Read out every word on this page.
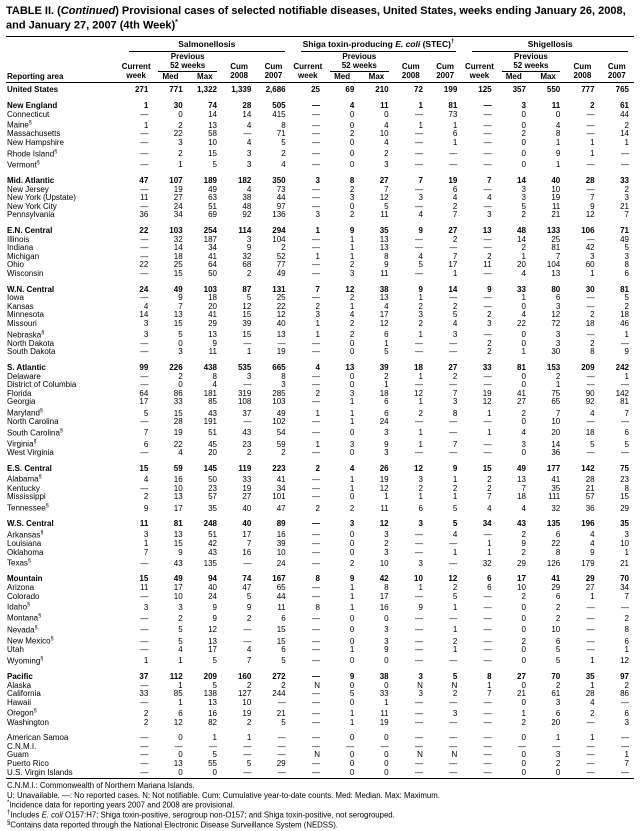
TABLE II. (Continued) Provisional cases of selected notifiable diseases, United States, weeks ending January 26, 2008, and January 27, 2007 (4th Week)*
Reporting area	Salmonellosis					Shiga toxin-producing E. coli (STEC)†					Shigellosis				

Current
week

Previous
52 weeks	Cum
2008

Cum
2007

Current
week

Previous
52 weeks	Cum
2008

Cum
2007

Current
week

Previous
52 weeks	Cum
2008

Cum
2007

		Med	Max				Med	Max				Med	Max		
United States	271	771	1,322	1,339	2,686	25	69	210	72	199	125	357	550	777	765

New England	1	30	74	28	505	—	4	11	1	81	—	3	11	2	61
Connecticut	—	0	14	14	415	—	0	0	—	73	—	0	0	—	44
Maine§	1	2	13	4	8	—	0	4	1	1	—	0	4	—	2
Massachusetts	—	22	58	—	71	—	2	10	—	6	—	2	8	—	14
New Hampshire	—	3	10	4	5	—	0	4	—	1	—	0	1	1	1
Rhode Island§	—	2	15	3	2	—	0	2	—	—	—	0	9	1	—
Vermont§	—	1	5	3	4	—	0	3	—	—	—	0	1	—	—

Mid. Atlantic	47	107	189	182	350	3	8	27	7	19	7	14	40	28	33
New Jersey	—	19	49	4	73	—	2	7	—	6	—	3	10	—	2
New York (Upstate)	11	27	63	38	44	—	3	12	3	4	4	3	19	7	3
New York City	—	24	51	48	97	—	0	5	—	2	—	5	11	9	21
Pennsylvania	36	34	69	92	136	3	2	11	4	7	3	2	21	12	7

E.N. Central	22	103	254	114	294	1	9	35	9	27	13	48	133	106	71
Illinois	—	32	187	3	104	—	1	13	—	2	—	14	25	—	49
Indiana	—	14	34	9	2	—	1	13	—	—	—	2	81	42	5
Michigan	—	18	41	32	52	1	1	8	4	7	2	1	7	3	3
Ohio	22	25	64	68	77	—	2	9	5	17	11	20	104	60	8
Wisconsin	—	15	50	2	49	—	3	11	—	1	—	4	13	1	6

W.N. Central	24	49	103	87	131	7	12	38	9	14	9	33	80	30	81
Iowa	—	9	18	5	25	—	2	13	1	—	—	1	6	—	5
Kansas	4	7	20	12	22	2	1	4	2	2	—	0	3	—	2
Minnesota	14	13	41	15	12	3	4	17	3	5	2	4	12	2	18
Missouri	3	15	29	39	40	1	2	12	2	4	3	22	72	18	46
Nebraska§	3	5	13	15	13	1	2	6	1	3	—	0	3	—	1
North Dakota	—	0	9	—	—	—	0	1	—	—	2	0	3	2	—
South Dakota	—	3	11	1	19	—	0	5	—	—	2	1	30	8	9

S. Atlantic	99	226	438	535	665	4	13	39	18	27	33	81	153	209	242
Delaware	—	2	8	3	8	—	0	2	1	2	—	0	2	—	1
District of Columbia	—	0	4	—	3	—	0	1	—	—	—	0	1	—	—
Florida	64	86	181	319	285	2	3	18	12	7	19	41	75	90	142
Georgia	17	33	85	108	103	—	1	6	1	3	12	27	65	92	81
Maryland§	5	15	43	37	49	1	1	6	2	8	1	2	7	4	7
North Carolina	—	28	191	—	102	—	1	24	—	—	—	0	10	—	—
South Carolina§	7	19	51	43	54	—	0	3	1	—	1	4	20	18	6
Virginia§	6	22	45	23	59	1	3	9	1	7	—	3	14	5	5
West Virginia	—	4	20	2	2	—	0	3	—	—	—	0	36	—	—

E.S. Central	15	59	145	119	223	2	4	26	12	9	15	49	177	142	75
Alabama§	4	16	50	33	41	—	1	19	3	1	2	13	41	28	23
Kentucky	—	10	23	19	34	—	1	12	2	2	2	7	35	21	8
Mississippi	2	13	57	27	101	—	0	1	1	1	7	18	111	57	15
Tennessee§	9	17	35	40	47	2	2	11	6	5	4	4	32	36	29

W.S. Central	11	81	248	40	89	—	3	12	3	5	34	43	135	196	35
Arkansas§	3	13	51	17	16	—	0	3	—	4	—	2	6	4	3
Louisiana	1	15	42	7	39	—	0	2	—	—	1	9	22	4	10
Oklahoma	7	9	43	16	10	—	0	3	—	1	1	2	8	9	1
Texas§	—	43	135	—	24	—	2	10	3	—	32	29	126	179	21

Mountain	15	49	94	74	167	8	9	42	10	12	6	17	41	29	70
Arizona	11	17	40	47	65	—	1	8	1	2	6	10	29	27	34
Colorado	—	10	24	5	44	—	1	17	—	5	—	2	6	1	7
Idaho§	3	3	9	9	11	8	1	16	9	1	—	0	2	—	—
Montana§	—	2	9	2	6	—	0	0	—	—	—	0	2	—	2
Nevada§	—	5	12	—	15	—	0	3	—	1	—	0	10	—	8
New Mexico§	—	5	13	—	15	—	0	3	—	2	—	2	6	—	6
Utah	—	4	17	4	6	—	1	9	—	1	—	0	5	—	1
Wyoming§	1	1	5	7	5	—	0	0	—	—	—	0	5	1	12

Pacific	37	112	209	160	272	—	9	38	3	5	8	27	70	35	97
Alaska	—	1	5	2	2	N	0	0	N	N	1	0	2	1	2
California	33	85	138	127	244	—	5	33	3	2	7	21	61	28	86
Hawaii	—	1	13	10	—	—	0	1	—	—	—	0	3	4	—
Oregon§	2	6	16	19	21	—	1	11	—	3	—	1	6	2	6
Washington	2	12	82	2	5	—	1	19	—	—	—	2	20	—	3

American Samoa	—	0	1	1	—	—	0	0	—	—	—	0	1	1	—
C.N.M.I.	—	—	—	—	—	—	—	—	—	—	—	—	—	—	—
Guam	—	0	5	—	—	N	0	0	N	N	—	0	3	—	1
Puerto Rico	—	13	55	5	29	—	0	0	—	—	—	0	2	—	7
U.S. Virgin Islands	—	0	0	—	—	—	0	0	—	—	—	0	0	—	—
C.N.M.I.: Commonwealth of Northern Mariana Islands.
U: Unavailable. —: No reported cases. N: Not notifiable. Cum: Cumulative year-to-date counts. Med: Median. Max: Maximum.
*Incidence data for reporting years 2007 and 2008 are provisional.
†Includes E. coli O157:H7; Shiga toxin-positive, serogroup non-O157; and Shiga toxin-positive, not serogrouped.
§Contains data reported through the National Electronic Disease Surveillance System (NEDSS).
